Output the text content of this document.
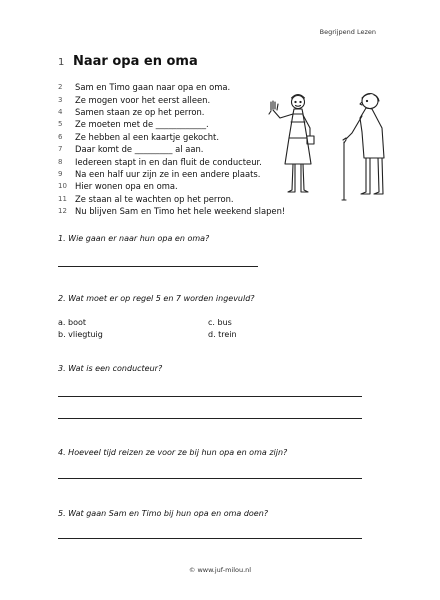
Begrijpend Lezen
1 Naar opa en oma
2	Sam en Timo gaan naar opa en oma.
3	Ze mogen voor het eerst alleen.
4	Samen staan ze op het perron.
5	Ze moeten met de ____________.
6	Ze hebben al een kaartje gekocht.
7	Daar komt de _________ al aan.
8	Iedereen stapt in en dan fluit de conducteur.
9	Na een half uur zijn ze in een andere plaats.
10 Hier wonen opa en oma.
11 Ze staan al te wachten op het perron.
12 Nu blijven Sam en Timo het hele weekend slapen!
1. Wie gaan er naar hun opa en oma?
2. Wat moet er op regel 5 en 7 worden ingevuld?
a. boot	c. bus
b. vliegtuig	d. trein
3. Wat is een conducteur?
4. Hoeveel tijd reizen ze voor ze bij hun opa en oma zijn?
5. Wat gaan Sam en Timo bij hun opa en oma doen?
© www.juf-milou.nl
